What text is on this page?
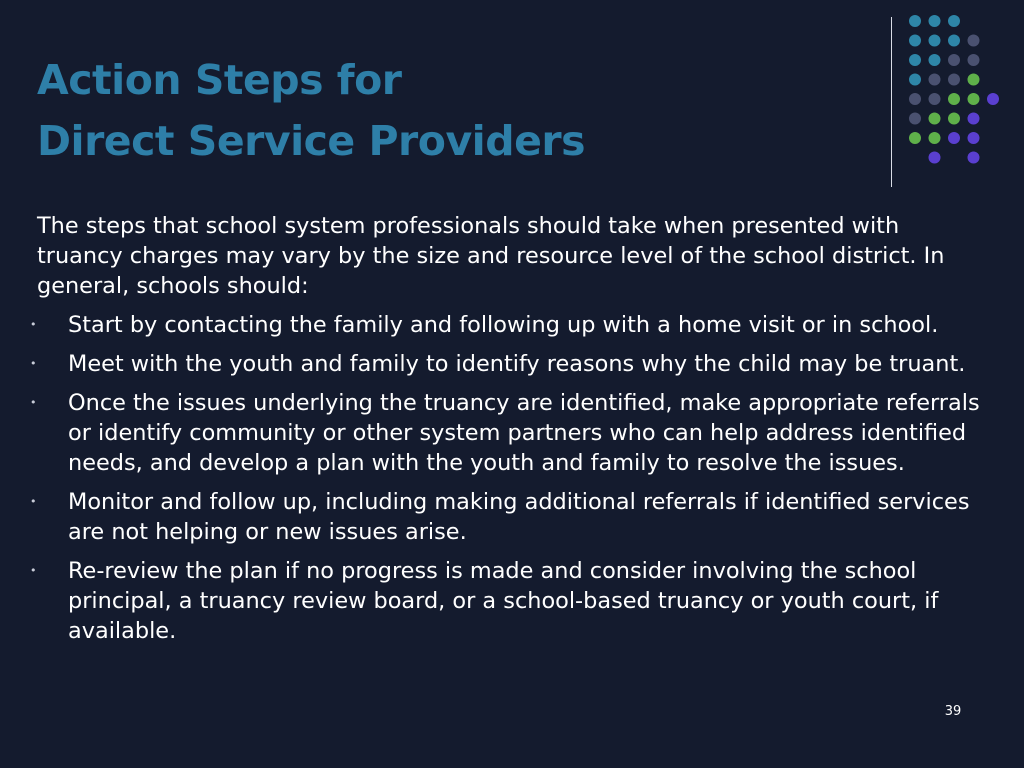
Action Steps for
Direct Service Providers

The steps that school system professionals should take when presented with truancy charges may vary by the size and resource level of the school district. In general, schools should:

• Start by contacting the family and following up with a home visit or in school.
• Meet with the youth and family to identify reasons why the child may be truant.
• Once the issues underlying the truancy are identified, make appropriate referrals or identify community or other system partners who can help address identified needs, and develop a plan with the youth and family to resolve the issues.
• Monitor and follow up, including making additional referrals if identified services are not helping or new issues arise.
• Re-review the plan if no progress is made and consider involving the school principal, a truancy review board, or a school-based truancy or youth court, if available.
39
